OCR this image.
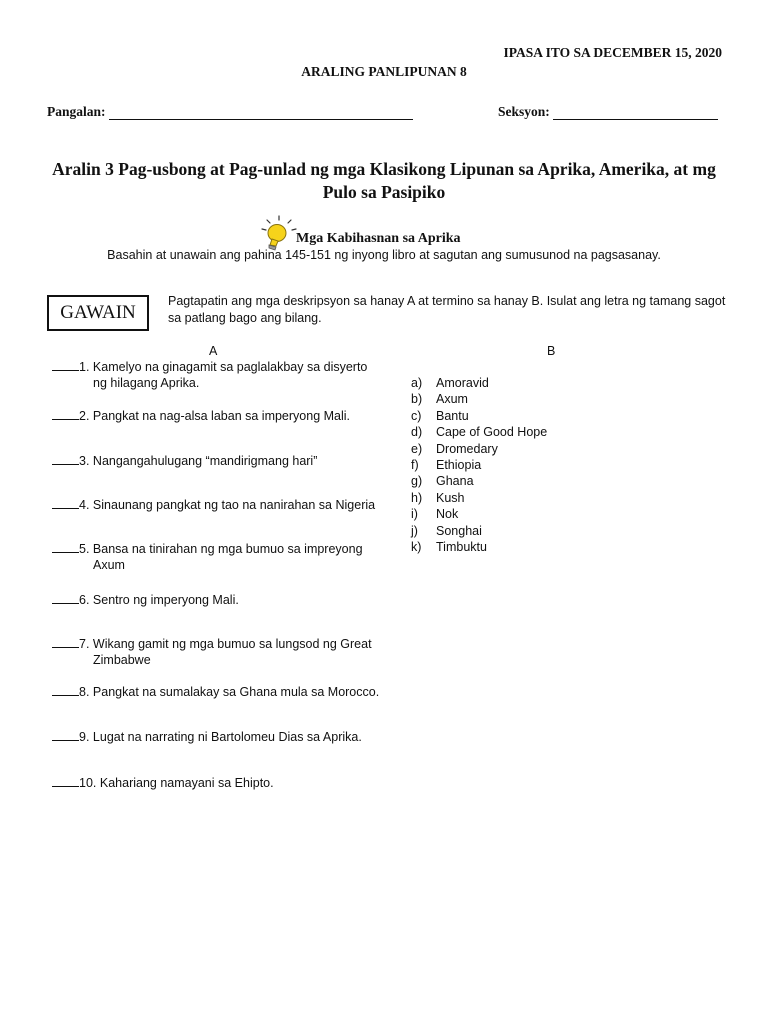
IPASA ITO SA DECEMBER 15, 2020
ARALING PANLIPUNAN 8
Pangalan:	Seksyon:
Aralin 3 Pag-usbong at Pag-unlad ng mga Klasikong Lipunan sa Aprika, Amerika, at mg Pulo sa Pasipiko
Mga Kabihasnan sa Aprika
Basahin at unawain ang pahina 145-151 ng inyong libro at sagutan ang sumusunod na pagsasanay.
GAWAIN
Pagtapatin ang mga deskripsyon sa hanay A at termino sa hanay B. Isulat ang letra ng tamang sagot sa patlang bago ang bilang.
A	B
1. Kamelyo na ginagamit sa paglalakbay sa disyerto
ng hilagang Aprika.
2. Pangkat na nag-alsa laban sa imperyong Mali.
3. Nangangahulugang “mandirigmang hari”
4. Sinaunang pangkat ng tao na nanirahan sa Nigeria
5. Bansa na tinirahan ng mga bumuo sa impreyong
Axum
6. Sentro ng imperyong Mali.
7. Wikang gamit ng mga bumuo sa lungsod ng Great
Zimbabwe
8. Pangkat na sumalakay sa Ghana mula sa Morocco.
9. Lugat na narrating ni Bartolomeu Dias sa Aprika.
10. Kahariang namayani sa Ehipto.
a) Amoravid
b) Axum
c) Bantu
d) Cape of Good Hope
e) Dromedary
f) Ethiopia
g) Ghana
h) Kush
i) Nok
j) Songhai
k) Timbuktu
